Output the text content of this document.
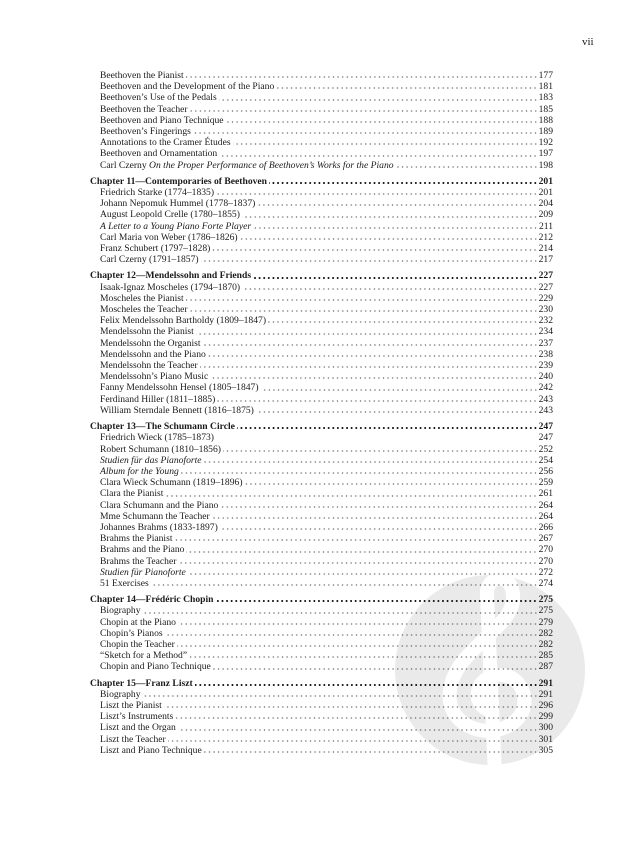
vii
Beethoven the Pianist	177
Beethoven and the Development of the Piano	181
Beethoven’s Use of the Pedals	183
Beethoven the Teacher	185
Beethoven and Piano Technique	188
Beethoven’s Fingerings	189
Annotations to the Cramer Études	192
Beethoven and Ornamentation	197
Carl Czerny On the Proper Performance of Beethoven’s Works for the Piano	198
Chapter 11—Contemporaries of Beethoven	201
Friedrich Starke (1774–1835)	201
Johann Nepomuk Hummel (1778–1837)	204
August Leopold Crelle (1780–1855)	209
A Letter to a Young Piano Forte Player	211
Carl Maria von Weber (1786–1826)	212
Franz Schubert (1797–1828)	214
Carl Czerny (1791–1857)	217
Chapter 12—Mendelssohn and Friends	227
Isaak-Ignaz Moscheles (1794–1870)	227
Moscheles the Pianist	229
Moscheles the Teacher	230
Felix Mendelssohn Bartholdy (1809–1847)	232
Mendelssohn the Pianist	234
Mendelssohn the Organist	237
Mendelssohn and the Piano	238
Mendelssohn the Teacher	239
Mendelssohn’s Piano Music	240
Fanny Mendelssohn Hensel (1805–1847)	242
Ferdinand Hiller (1811–1885)	243
William Sterndale Bennett (1816–1875)	243
Chapter 13—The Schumann Circle	247
Friedrich Wieck (1785–1873)	247
Robert Schumann (1810–1856)	252
Studien für das Pianoforte	254
Album for the Young	256
Clara Wieck Schumann (1819–1896)	259
Clara the Pianist	261
Clara Schumann and the Piano	264
Mme Schumann the Teacher	264
Johannes Brahms (1833-1897)	266
Brahms the Pianist	267
Brahms and the Piano	270
Brahms the Teacher	270
Studien für Pianoforte	272
51 Exercises	274
Chapter 14—Frédéric Chopin	275
Biography	275
Chopin at the Piano	279
Chopin’s Pianos	282
Chopin the Teacher	282
“Sketch for a Method”	285
Chopin and Piano Technique	287
Chapter 15—Franz Liszt	291
Biography	291
Liszt the Pianist	296
Liszt’s Instruments	299
Liszt and the Organ	300
Liszt the Teacher	301
Liszt and Piano Technique	305
